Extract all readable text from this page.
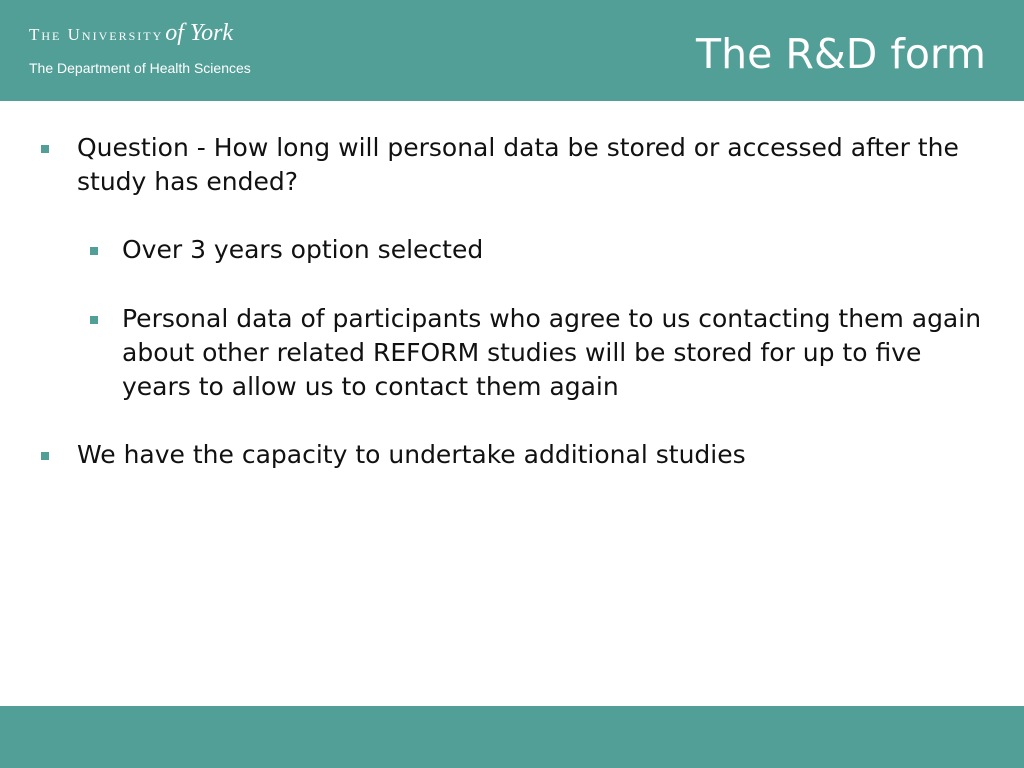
The Universityof York
The Department of Health Sciences	The R&D form
Question - How long will personal data be stored or accessed after the study has ended?
Over 3 years option selected
Personal data of participants who agree to us contacting them again about other related REFORM studies will be stored for up to five years to allow us to contact them again
We have the capacity to undertake additional studies
